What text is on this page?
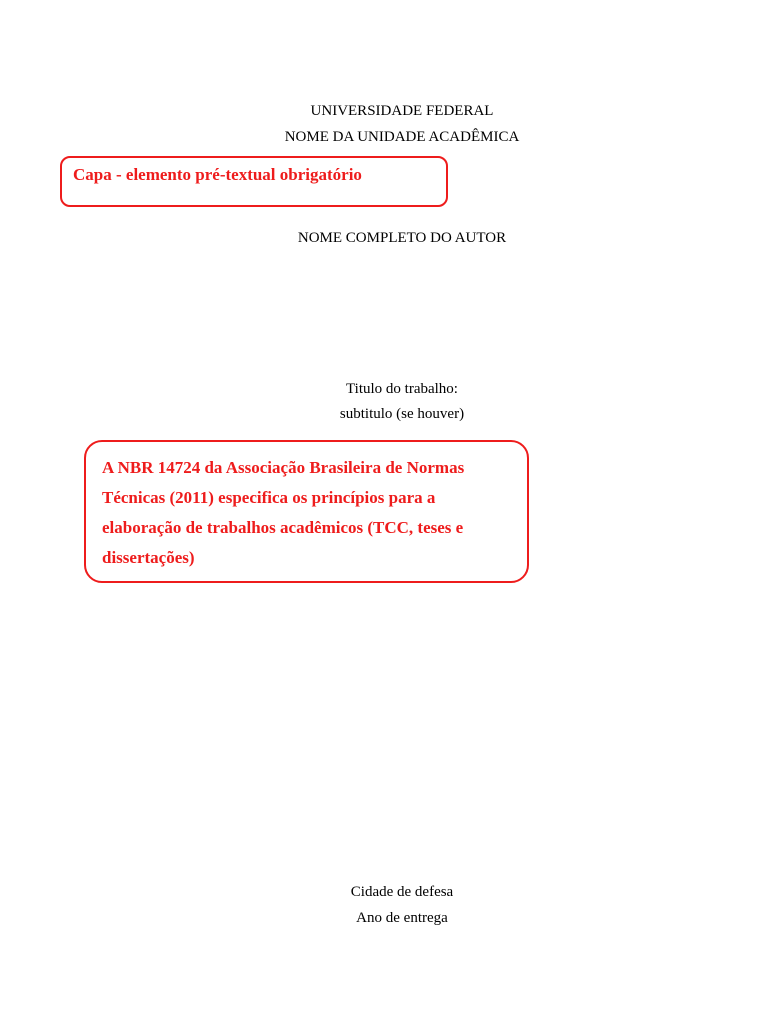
UNIVERSIDADE FEDERAL
NOME DA UNIDADE ACADÊMICA
Capa - elemento pré-textual obrigatório
NOME COMPLETO DO AUTOR
Titulo do trabalho:
subtitulo (se houver)
A NBR 14724 da Associação Brasileira de Normas Técnicas (2011) especifica os princípios para a elaboração de trabalhos acadêmicos (TCC, teses e dissertações)
Cidade de defesa
Ano de entrega
